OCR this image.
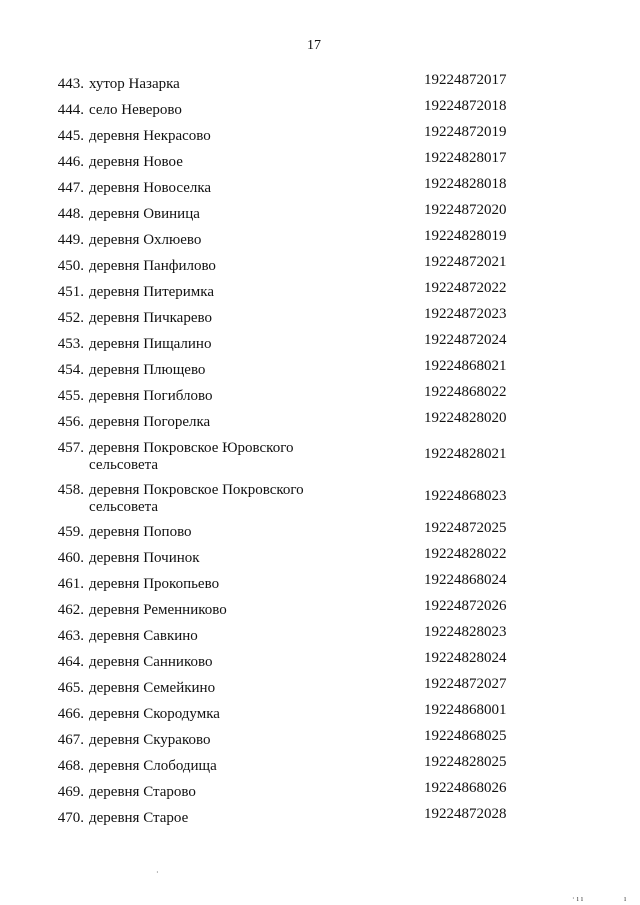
17
443. хутор Назарка	19224872017
444. село Неверово	19224872018
445. деревня Некрасово	19224872019
446. деревня Новое	19224828017
447. деревня Новоселка	19224828018
448. деревня Овиница	19224872020
449. деревня Охлюево	19224828019
450. деревня Панфилово	19224872021
451. деревня Питеримка	19224872022
452. деревня Пичкарево	19224872023
453. деревня Пищалино	19224872024
454. деревня Плющево	19224868021
455. деревня Погиблово	19224868022
456. деревня Погорелка	19224828020
457. деревня Покровское Юровского сельсовета
19224828021
458. деревня Покровское Покровского сельсовета
19224868023
459. деревня Попово	19224872025
460. деревня Починок	19224828022
461. деревня Прокопьево	19224868024
462. деревня Ременниково	19224872026
463. деревня Савкино	19224828023
464. деревня Санниково	19224828024
465. деревня Семейкино	19224872027
466. деревня Скородумка	19224868001
467. деревня Скураково	19224868025
468. деревня Слободища	19224828025
469. деревня Старово	19224868026
470. деревня Старое	19224872028
·
· ı ı	ı
